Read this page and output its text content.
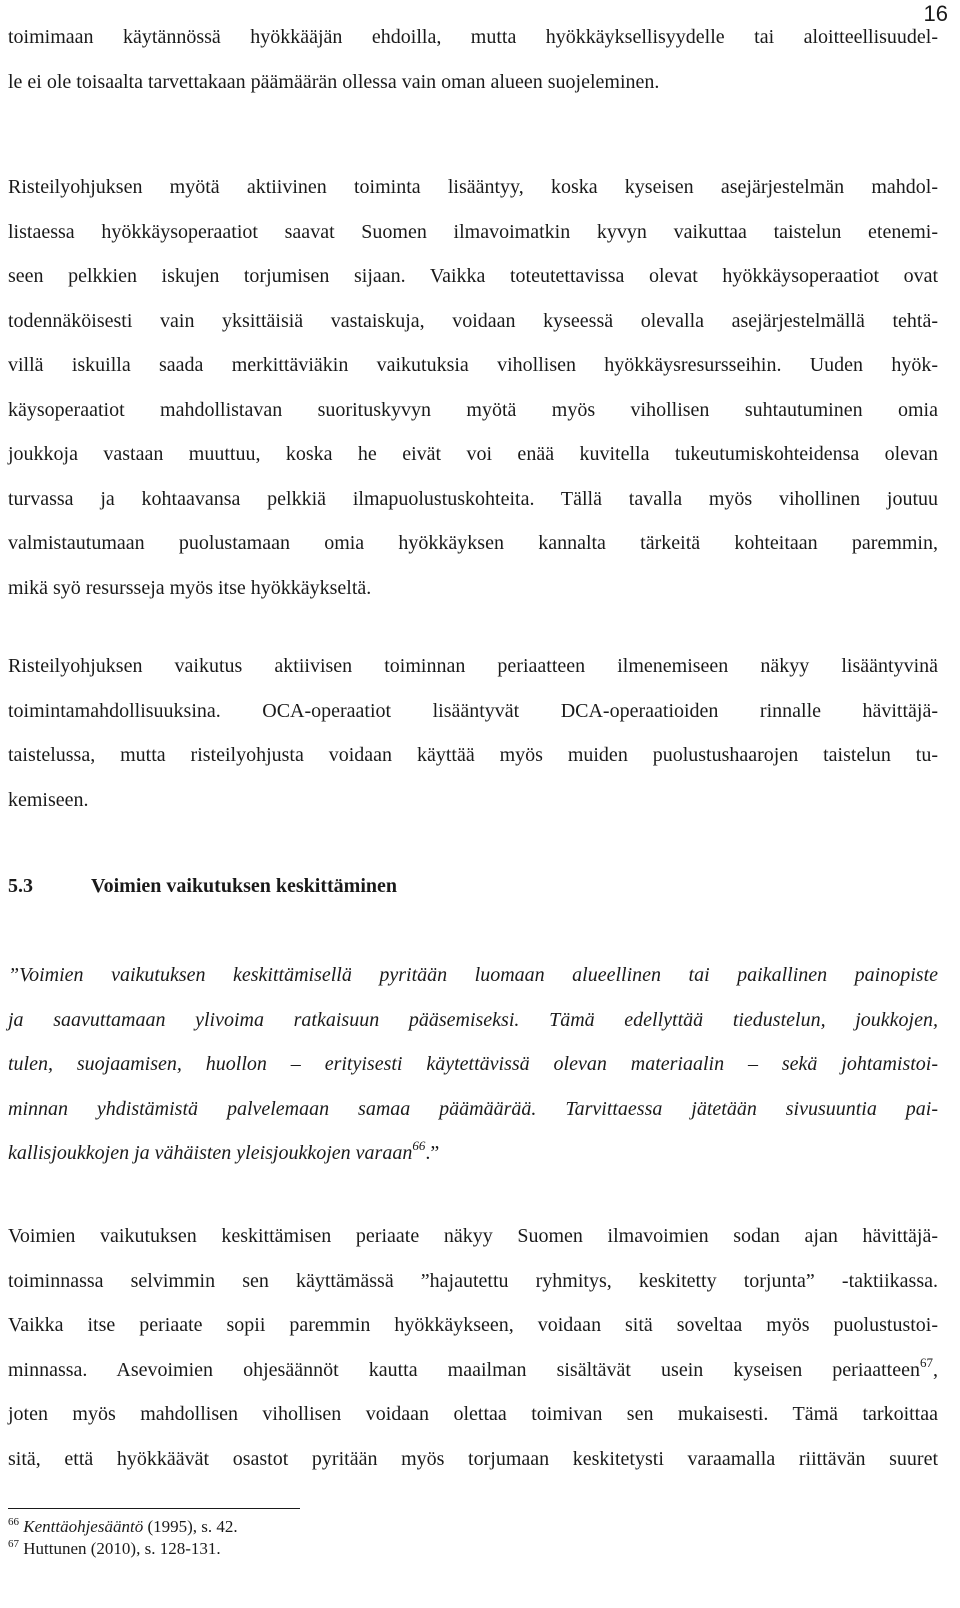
16
toimimaan käytännössä hyökkääjän ehdoilla, mutta hyökkäyksellisyydelle tai aloitteellisuudel-
le ei ole toisaalta tarvettakaan päämäärän ollessa vain oman alueen suojeleminen.
Risteilyohjuksen myötä aktiivinen toiminta lisääntyy, koska kyseisen asejärjestelmän mahdol-
listaessa hyökkäysoperaatiot saavat Suomen ilmavoimatkin kyvyn vaikuttaa taistelun etenemi-
seen pelkkien iskujen torjumisen sijaan. Vaikka toteutettavissa olevat hyökkäysoperaatiot ovat
todennäköisesti vain yksittäisiä vastaiskuja, voidaan kyseessä olevalla asejärjestelmällä tehtä-
villä iskuilla saada merkittäviäkin vaikutuksia vihollisen hyökkäysresursseihin. Uuden hyök-
käysoperaatiot mahdollistavan suorituskyvyn myötä myös vihollisen suhtautuminen omia
joukkoja vastaan muuttuu, koska he eivät voi enää kuvitella tukeutumiskohteidensa olevan
turvassa ja kohtaavansa pelkkiä ilmapuolustuskohteita. Tällä tavalla myös vihollinen joutuu
valmistautumaan puolustamaan omia hyökkäyksen kannalta tärkeitä kohteitaan paremmin,
mikä syö resursseja myös itse hyökkäykseltä.
Risteilyohjuksen vaikutus aktiivisen toiminnan periaatteen ilmenemiseen näkyy lisääntyvinä
toimintamahdollisuuksina. OCA-operaatiot lisääntyvät DCA-operaatioiden rinnalle hävittäjä-
taistelussa, mutta risteilyohjusta voidaan käyttää myös muiden puolustushaarojen taistelun tu-
kemiseen.
5.3	Voimien vaikutuksen keskittäminen
”Voimien vaikutuksen keskittämisellä pyritään luomaan alueellinen tai paikallinen painopiste
ja saavuttamaan ylivoima ratkaisuun pääsemiseksi. Tämä edellyttää tiedustelun, joukkojen,
tulen, suojaamisen, huollon – erityisesti käytettävissä olevan materiaalin – sekä johtamistoi-
minnan yhdistämistä palvelemaan samaa päämäärää. Tarvittaessa jätetään sivusuuntia pai-
kallisjoukkojen ja vähäisten yleisjoukkojen varaan$^{66}$.”
Voimien vaikutuksen keskittämisen periaate näkyy Suomen ilmavoimien sodan ajan hävittäjä-
toiminnassa selvimmin sen käyttämässä ”hajautettu ryhmitys, keskitetty torjunta” -taktiikassa.
Vaikka itse periaate sopii paremmin hyökkäykseen, voidaan sitä soveltaa myös puolustustoi-
minnassa. Asevoimien ohjesäännöt kautta maailman sisältävät usein kyseisen periaatteen$^{67}$,
joten myös mahdollisen vihollisen voidaan olettaa toimivan sen mukaisesti. Tämä tarkoittaa
sitä, että hyökkäävät osastot pyritään myös torjumaan keskitetysti varaamalla riittävän suuret
$^{66}$ Kenttäohjesääntö (1995), s. 42.
$^{67}$ Huttunen (2010), s. 128-131.
